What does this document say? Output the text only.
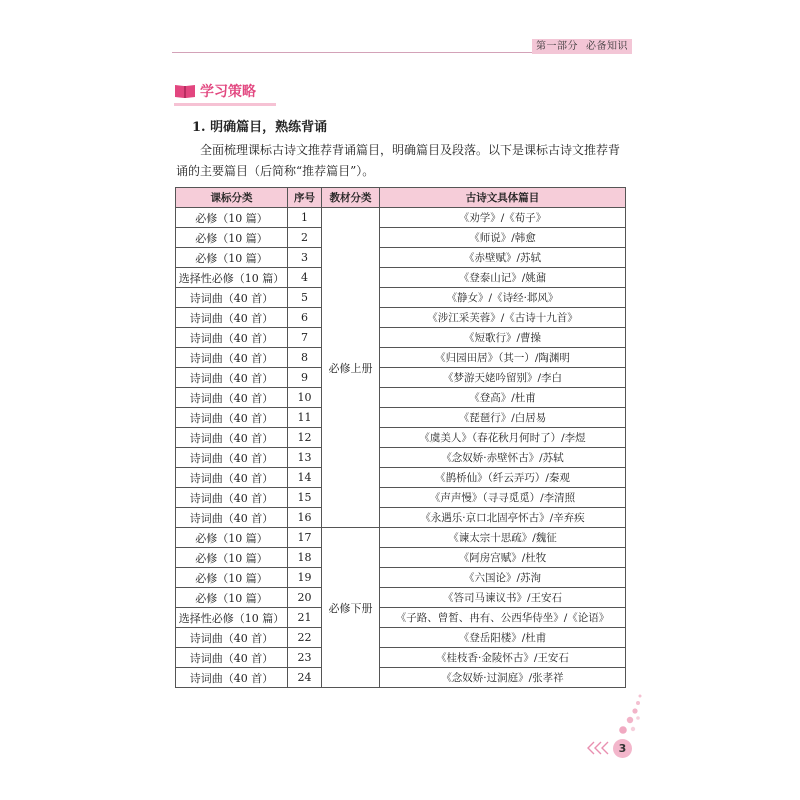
第一部分 必备知识
学习策略
1. 明确篇目，熟练背诵
全面梳理课标古诗文推荐背诵篇目，明确篇目及段落。以下是课标古诗文推荐背诵的主要篇目（后简称“推荐篇目”）。
课标分类	序号	教材分类	古诗文具体篇目
必修（10 篇）	1	必修上册	《劝学》/《荀子》
必修（10 篇）	2		《师说》/韩愈
必修（10 篇）	3		《赤壁赋》/苏轼
选择性必修（10 篇）	4		《登泰山记》/姚鼐
诗词曲（40 首）	5		《静女》/《诗经·邶风》
诗词曲（40 首）	6		《涉江采芙蓉》/《古诗十九首》
诗词曲（40 首）	7		《短歌行》/曹操
诗词曲（40 首）	8		《归园田居》（其一）/陶渊明
诗词曲（40 首）	9		《梦游天姥吟留别》/李白
诗词曲（40 首）	10		《登高》/杜甫
诗词曲（40 首）	11		《琵琶行》/白居易
诗词曲（40 首）	12		《虞美人》（春花秋月何时了）/李煜
诗词曲（40 首）	13		《念奴娇·赤壁怀古》/苏轼
诗词曲（40 首）	14		《鹊桥仙》（纤云弄巧）/秦观
诗词曲（40 首）	15		《声声慢》（寻寻觅觅）/李清照
诗词曲（40 首）	16		《永遇乐·京口北固亭怀古》/辛弃疾
必修（10 篇）	17	必修下册	《谏太宗十思疏》/魏征
必修（10 篇）	18		《阿房宫赋》/杜牧
必修（10 篇）	19		《六国论》/苏洵
必修（10 篇）	20		《答司马谏议书》/王安石
选择性必修（10 篇）	21		《子路、曾皙、冉有、公西华侍坐》/《论语》
诗词曲（40 首）	22		《登岳阳楼》/杜甫
诗词曲（40 首）	23		《桂枝香·金陵怀古》/王安石
诗词曲（40 首）	24		《念奴娇·过洞庭》/张孝祥
3
